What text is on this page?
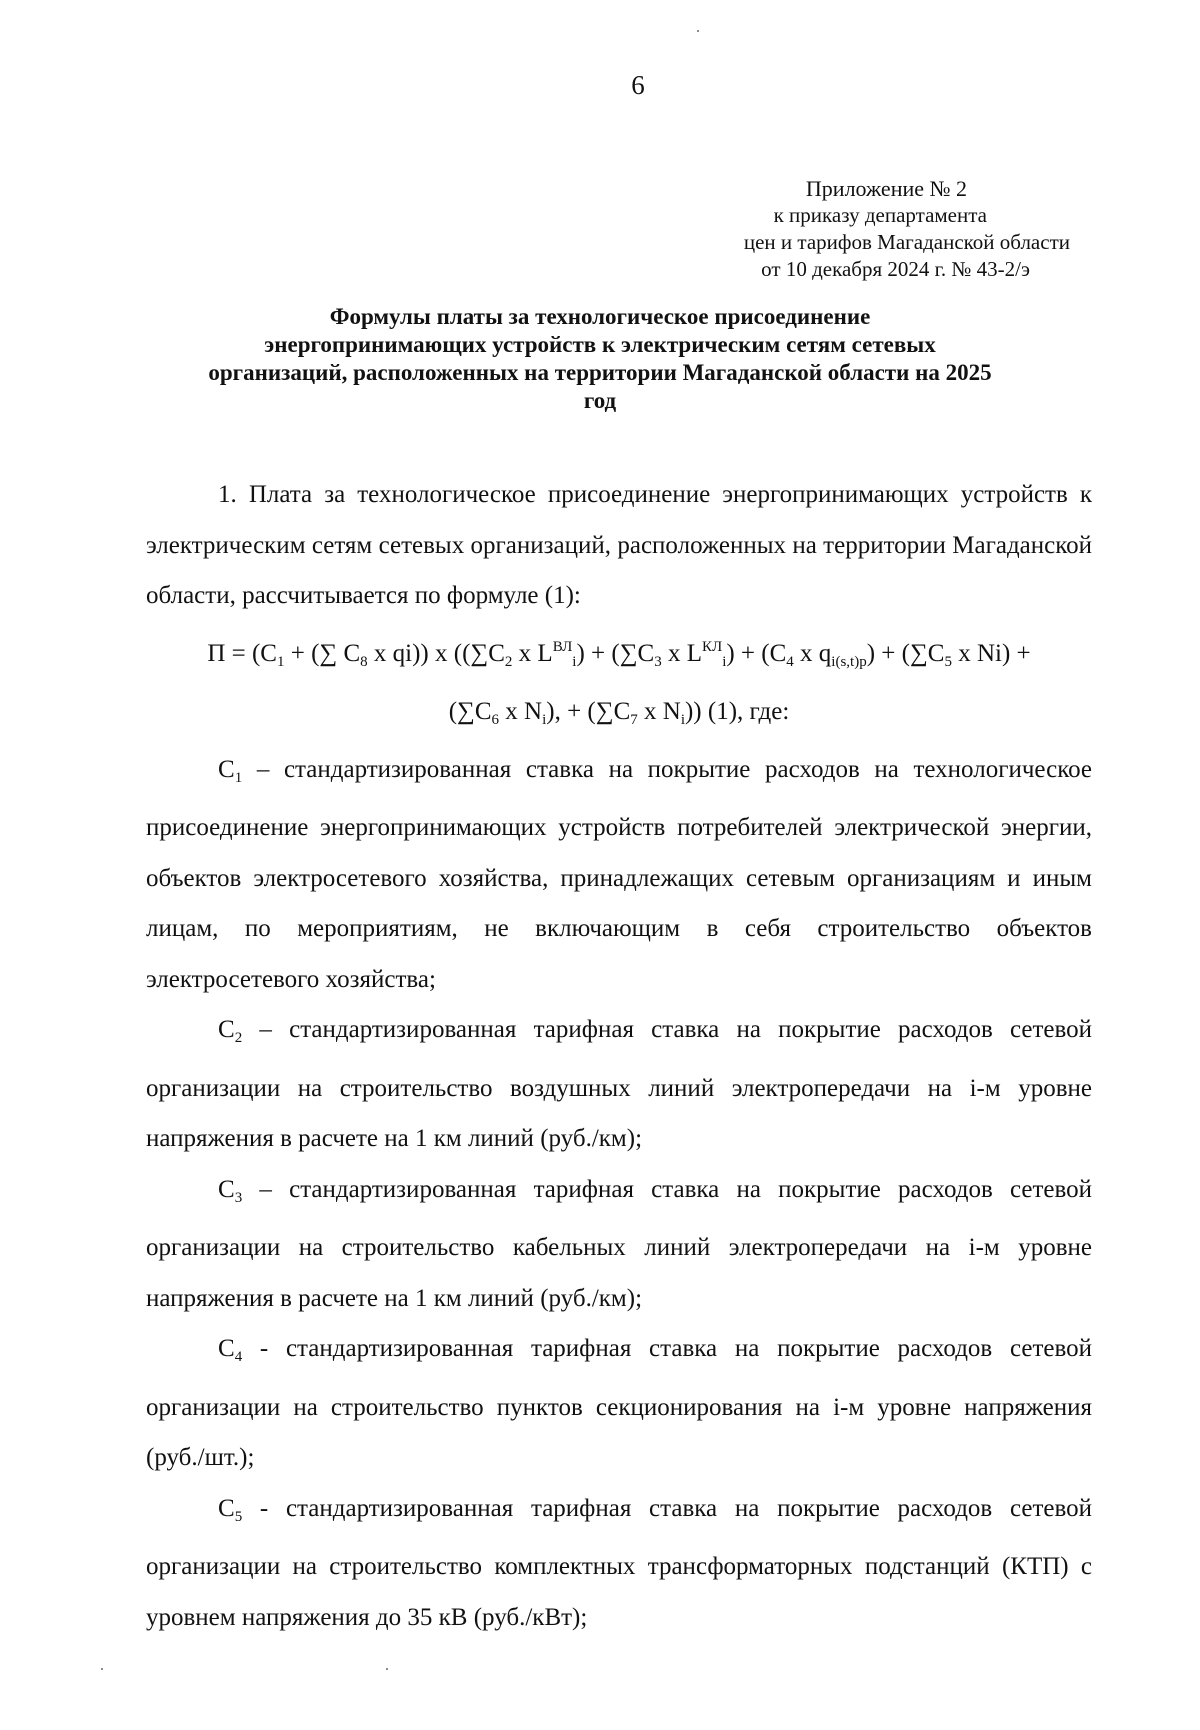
6
Приложение № 2
к приказу департамента
цен и тарифов Магаданской области
от 10 декабря 2024 г. № 43-2/э
Формулы платы за технологическое присоединение
энергопринимающих устройств к электрическим сетям сетевых
организаций, расположенных на территории Магаданской области на 2025
год

1. Плата за технологическое присоединение энергопринимающих устройств к электрическим сетям сетевых организаций, расположенных на территории Магаданской области, рассчитывается по формуле (1):

$П = (С_1$ + (∑ $С_8$ х qi)) х (($\sum С_2$ х $L^{ВЛ}_i) + (\sum С_3$ х $L^{КЛ}_i) + (С_4$ х $q_{i(s,t)p}) + (\sum С_5$ х Ni) +
($\sum С_6$ х $N_i$), + ($\sum С_7$ х $N_i$)) (1), где:

$С_1$ – стандартизированная ставка на покрытие расходов на технологическое присоединение энергопринимающих устройств потребителей электрической энергии, объектов электросетевого хозяйства, принадлежащих сетевым организациям и иным лицам, по мероприятиям, не включающим в себя строительство объектов электросетевого хозяйства;

$С_2$ – стандартизированная тарифная ставка на покрытие расходов сетевой организации на строительство воздушных линий электропередачи на i-м уровне напряжения в расчете на 1 км линий (руб./км);

$С_3$ – стандартизированная тарифная ставка на покрытие расходов сетевой организации на строительство кабельных линий электропередачи на i-м уровне напряжения в расчете на 1 км линий (руб./км);

$С_4$ - стандартизированная тарифная ставка на покрытие расходов сетевой организации на строительство пунктов секционирования на i-м уровне напряжения (руб./шт.);

$С_5$ - стандартизированная тарифная ставка на покрытие расходов сетевой организации на строительство комплектных трансформаторных подстанций (КТП) с уровнем напряжения до 35 кВ (руб./кВт);
